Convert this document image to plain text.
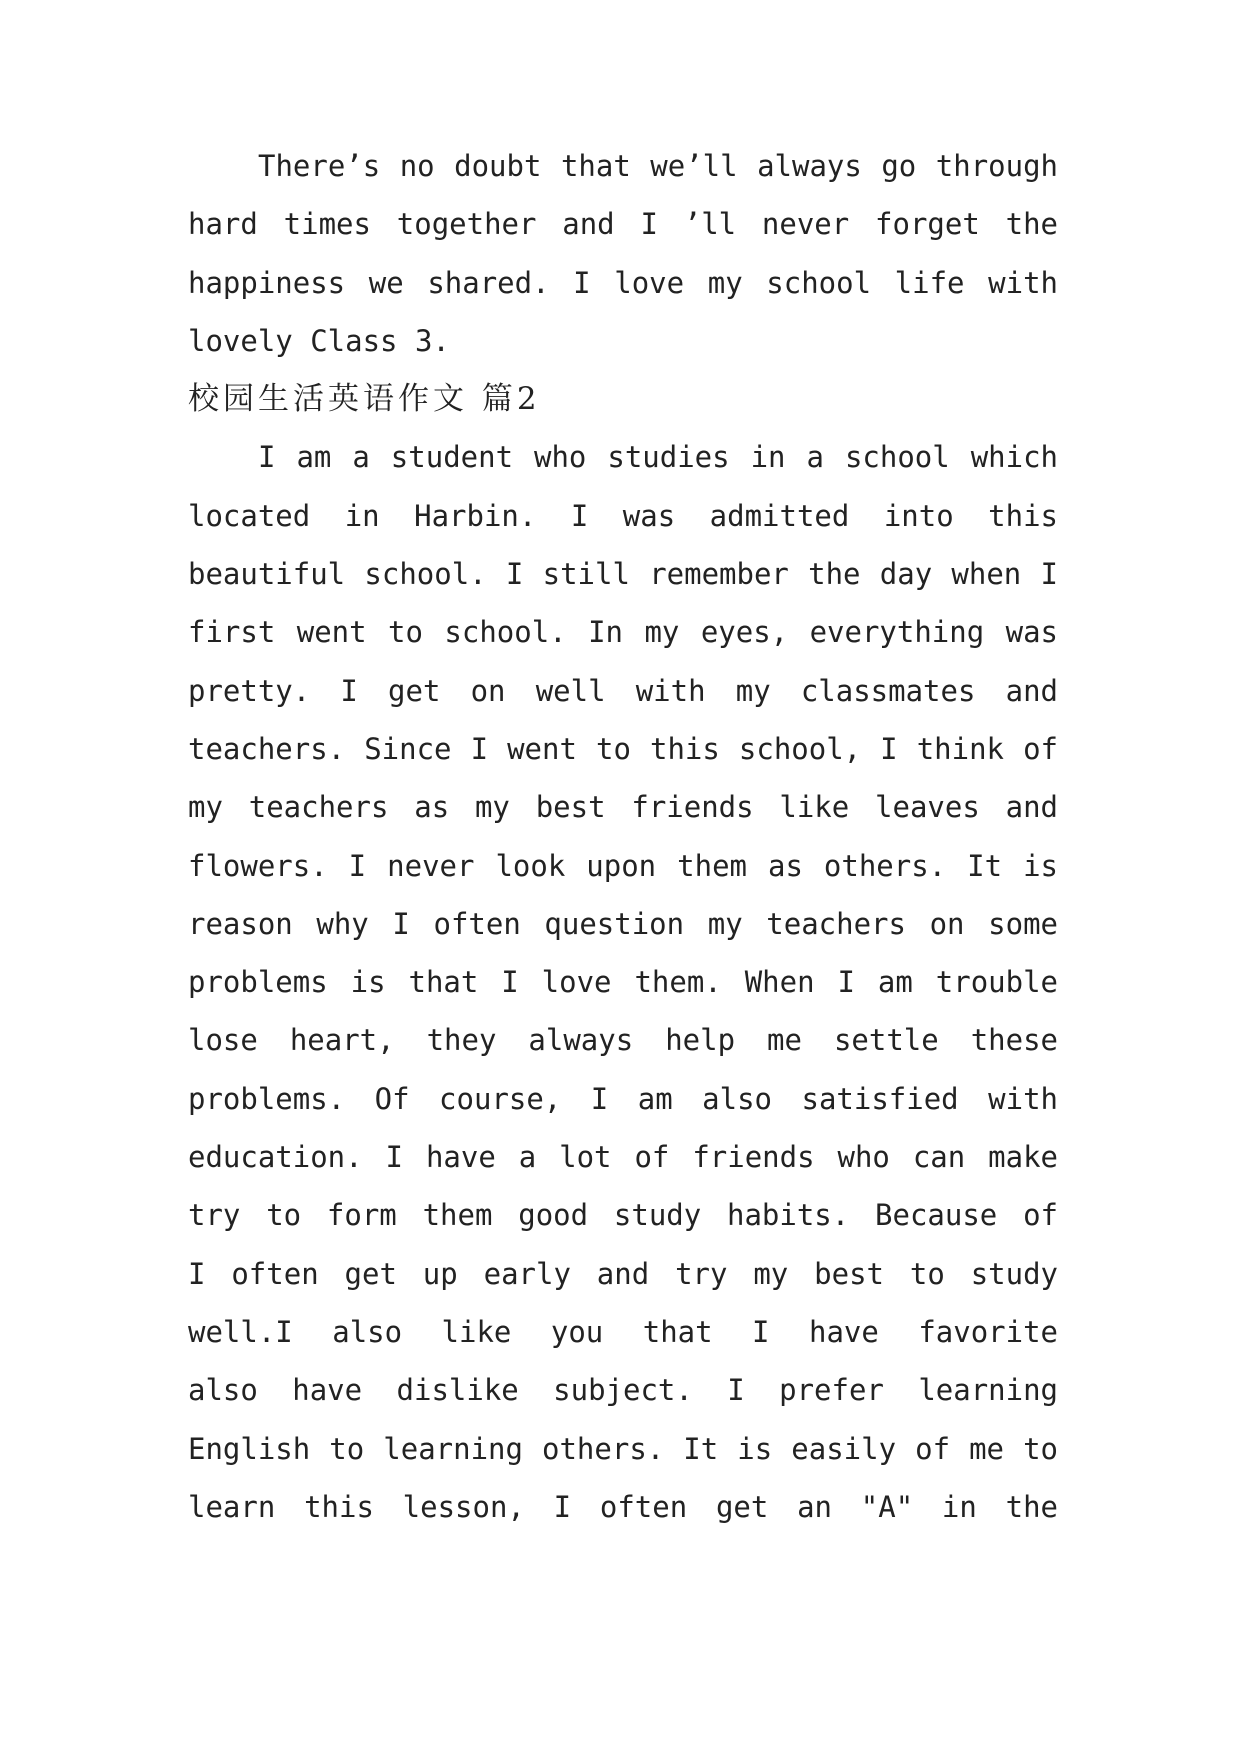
There’s no doubt that we’ll always go through
hard times together and I ’ll never forget the
happiness we shared. I love my school life with
lovely Class 3.
校园生活英语作文 篇2
I am a student who studies in a school which
located in Harbin. I was admitted into this
beautiful school. I still remember the day when I
first went to school. In my eyes, everything was
pretty. I get on well with my classmates and
teachers. Since I went to this school, I think of
my teachers as my best friends like leaves and
flowers. I never look upon them as others. It is
reason why I often question my teachers on some
problems is that I love them. When I am trouble
lose heart, they always help me settle these
problems. Of course, I am also satisfied with
education. I have a lot of friends who can make
try to form them good study habits. Because of
I often get up early and try my best to study
well.I also like you that I have favorite
also have dislike subject. I prefer learning
English to learning others. It is easily of me to
learn this lesson, I often get an "A" in the
